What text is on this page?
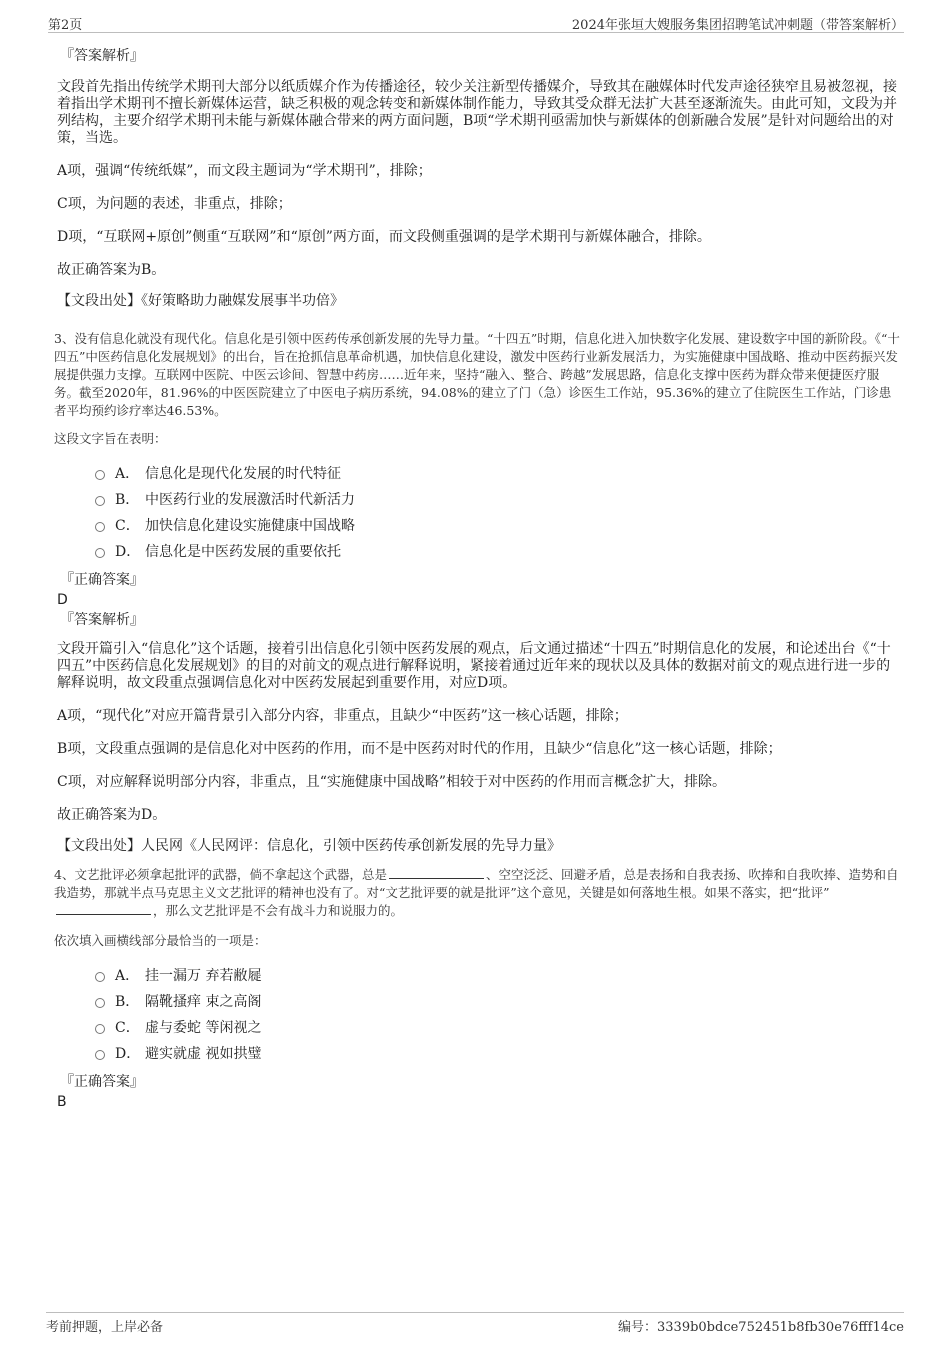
第2页	2024年张垣大嫂服务集团招聘笔试冲刺题（带答案解析）
『答案解析』
文段首先指出传统学术期刊大部分以纸质媒介作为传播途径，较少关注新型传播媒介，导致其在融媒体时代发声途径狭窄且易被忽视，接着指出学术期刊不擅长新媒体运营，缺乏积极的观念转变和新媒体制作能力，导致其受众群无法扩大甚至逐渐流失。由此可知，文段为并列结构，主要介绍学术期刊未能与新媒体融合带来的两方面问题，B项“学术期刊亟需加快与新媒体的创新融合发展”是针对问题给出的对策，当选。
A项，强调“传统纸媒”，而文段主题词为“学术期刊”，排除；
C项，为问题的表述，非重点，排除；
D项，“互联网+原创”侧重“互联网”和“原创”两方面，而文段侧重强调的是学术期刊与新媒体融合，排除。
故正确答案为B。
【文段出处】《好策略助力融媒发展事半功倍》
3、没有信息化就没有现代化。信息化是引领中医药传承创新发展的先导力量。“十四五”时期，信息化进入加快数字化发展、建设数字中国的新阶段。《“十四五”中医药信息化发展规划》的出台，旨在抢抓信息革命机遇，加快信息化建设，激发中医药行业新发展活力，为实施健康中国战略、推动中医药振兴发展提供强力支撑。互联网中医院、中医云诊间、智慧中药房……近年来，坚持“融入、整合、跨越”发展思路，信息化支撑中医药为群众带来便捷医疗服务。截至2020年，81.96%的中医医院建立了中医电子病历系统，94.08%的建立了门（急）诊医生工作站，95.36%的建立了住院医生工作站，门诊患者平均预约诊疗率达46.53%。
这段文字旨在表明：
A． 信息化是现代化发展的时代特征
B． 中医药行业的发展激活时代新活力
C． 加快信息化建设实施健康中国战略
D． 信息化是中医药发展的重要依托
『正确答案』
D
『答案解析』
文段开篇引入“信息化”这个话题，接着引出信息化引领中医药发展的观点，后文通过描述“十四五”时期信息化的发展，和论述出台《“十四五”中医药信息化发展规划》的目的对前文的观点进行解释说明，紧接着通过近年来的现状以及具体的数据对前文的观点进行进一步的解释说明，故文段重点强调信息化对中医药发展起到重要作用，对应D项。
A项，“现代化”对应开篇背景引入部分内容，非重点，且缺少“中医药”这一核心话题，排除；
B项，文段重点强调的是信息化对中医药的作用，而不是中医药对时代的作用，且缺少“信息化”这一核心话题，排除；
C项，对应解释说明部分内容，非重点，且“实施健康中国战略”相较于对中医药的作用而言概念扩大，排除。
故正确答案为D。
【文段出处】人民网《人民网评：信息化，引领中医药传承创新发展的先导力量》
4、文艺批评必须拿起批评的武器，倘不拿起这个武器，总是	、空空泛泛、回避矛盾，总是表扬和自我表扬、吹捧和自我吹捧、造势和自我造势，那就半点马克思主义文艺批评的精神也没有了。对“文艺批评要的就是批评”这个意见，关键是如何落地生根。如果不落实，把“批评”，那么文艺批评是不会有战斗力和说服力的。
依次填入画横线部分最恰当的一项是：
A． 挂一漏万 弃若敝屣
B． 隔靴搔痒 束之高阁
C． 虚与委蛇 等闲视之
D． 避实就虚 视如拱璧
『正确答案』
B
考前押题，上岸必备	编号：3339b0bdce752451b8fb30e76fff14ce
